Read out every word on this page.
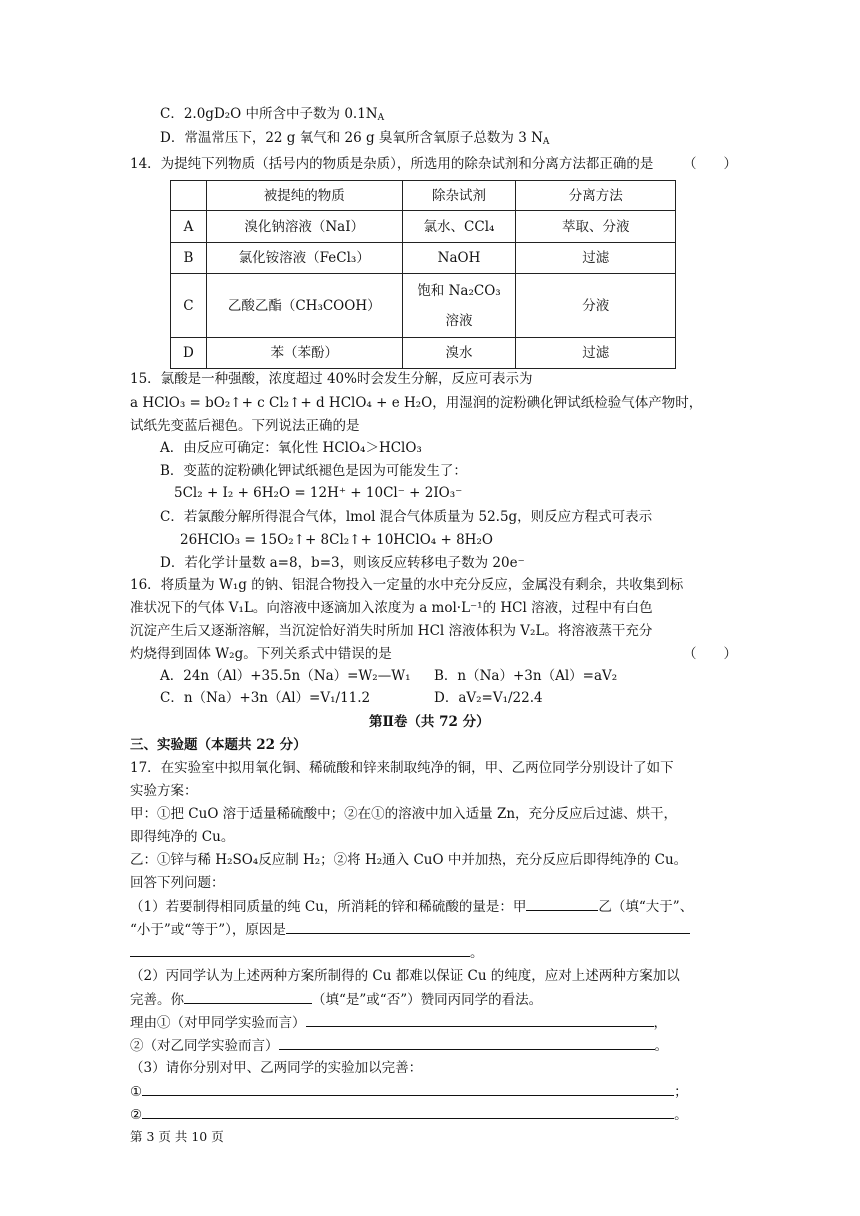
C．2.0gD₂O 中所含中子数为 $0.1N_A$
D．常温常压下，22 g 氧气和 26 g 臭氧所含氧原子总数为 3 $N_A$
14．为提纯下列物质（括号内的物质是杂质），所选用的除杂试剂和分离方法都正确的是 （　　）
	被提纯的物质	除杂试剂	分离方法
A	溴化钠溶液（NaI）	氯水、CCl₄	萃取、分液
B	氯化铵溶液（FeCl₃）	NaOH	过滤
C	乙酸乙酯（CH₃COOH）	饱和 Na₂CO₃溶液	分液
D	苯（苯酚）	溴水	过滤
15．氯酸是一种强酸，浓度超过 40%时会发生分解，反应可表示为
a HClO₃ = bO₂↑+ c Cl₂↑+ d HClO₄ + e H₂O，用湿润的淀粉碘化钾试纸检验气体产物时，
试纸先变蓝后褪色。下列说法正确的是
A．由反应可确定：氧化性 HClO₄＞HClO₃
B．变蓝的淀粉碘化钾试纸褪色是因为可能发生了：
5Cl₂ + I₂ + 6H₂O = 12H⁺ + 10Cl⁻ + 2IO₃⁻
C．若氯酸分解所得混合气体，lmol 混合气体质量为 52.5g，则反应方程式可表示
26HClO₃ = 15O₂↑+ 8Cl₂↑+ 10HClO₄ + 8H₂O
D．若化学计量数 a=8，b=3，则该反应转移电子数为 20e⁻
16．将质量为 W₁g 的钠、铝混合物投入一定量的水中充分反应，金属没有剩余，共收集到标
准状况下的气体 V₁L。向溶液中逐滴加入浓度为 a mol·L⁻¹的 HCl 溶液，过程中有白色
沉淀产生后又逐渐溶解，当沉淀恰好消失时所加 HCl 溶液体积为 V₂L。将溶液蒸干充分
灼烧得到固体 W₂g。下列关系式中错误的是	（　　）
A．24n（Al）+35.5n（Na）=W₂—W₁ B．n（Na）+3n（Al）=aV₂
C．n（Na）+3n（Al）=V₁/11.2	D．aV₂=V₁/22.4
第Ⅱ卷（共 72 分）
三、实验题（本题共 22 分）
17．在实验室中拟用氧化铜、稀硫酸和锌来制取纯净的铜，甲、乙两位同学分别设计了如下
实验方案：
甲：①把 CuO 溶于适量稀硫酸中；②在①的溶液中加入适量 Zn，充分反应后过滤、烘干，
即得纯净的 Cu。
乙：①锌与稀 H₂SO₄反应制 H₂；②将 H₂通入 CuO 中并加热，充分反应后即得纯净的 Cu。
回答下列问题：
（1）若要制得相同质量的纯 Cu，所消耗的锌和稀硫酸的量是：甲	乙（填“大于”、
“小于”或“等于”），原因是
。
（2）丙同学认为上述两种方案所制得的 Cu 都难以保证 Cu 的纯度，应对上述两种方案加以
完善。你	（填“是”或“否”）赞同丙同学的看法。
理由①（对甲同学实验而言）	，
②（对乙同学实验而言）	。
（3）请你分别对甲、乙两同学的实验加以完善：
①	；
②	。
第 3 页 共 10 页
